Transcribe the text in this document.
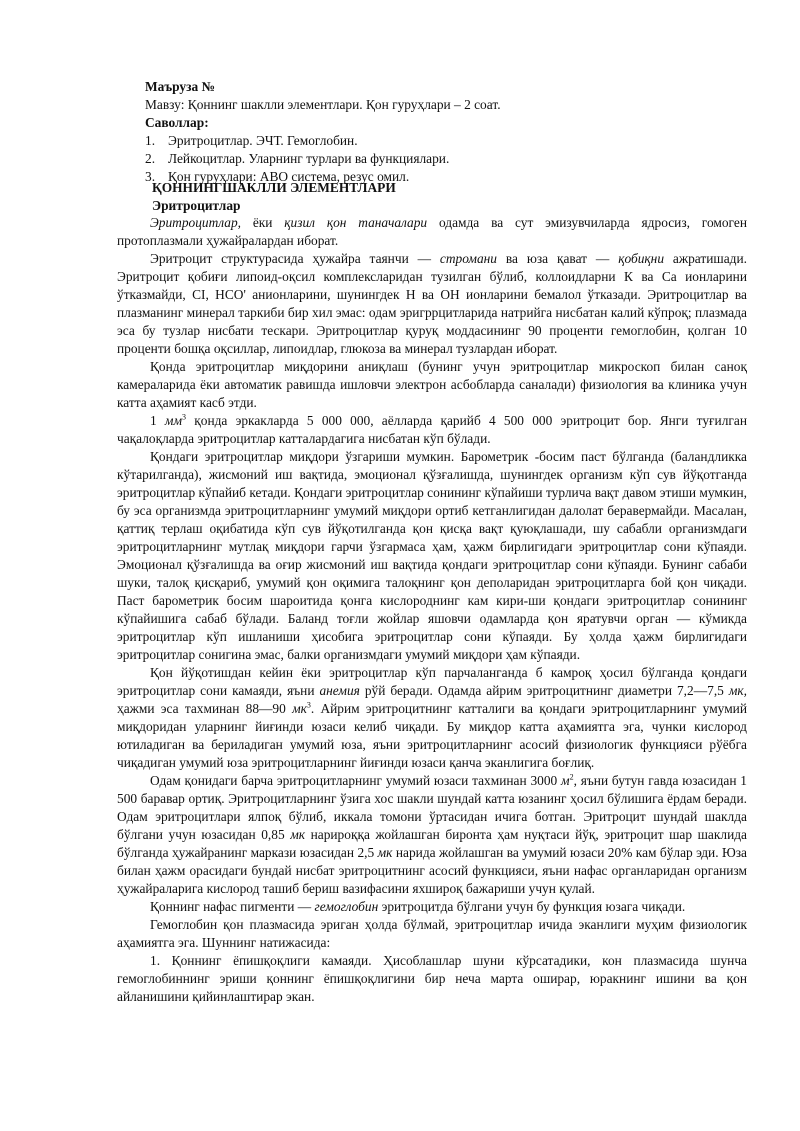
Маъруза №
Мавзу: Қоннинг шаклли элементлари. Қон гуруҳлари – 2 соат.
Саволлар:
1. Эритроцитлар. ЭЧТ. Гемоглобин.
2. Лейкоцитлар. Уларнинг турлари ва функциялари.
3. Қон гуруҳлари: АВО система, резус омил.
ҚОННИНГШАКЛЛИ ЭЛЕМЕНТЛАРИ
Эритроцитлар

Эритроцитлар, ёки қизил қон таначалари одамда ва сут эмизувчиларда ядросиз, гомоген протоплазмали ҳужайралардан иборат.

Эритроцит структурасида ҳужайра таянчи — стромани ва юза қават — қобиқни ажратишади. Эритроцит қобиғи липоид-оқсил комплексларидан тузилган бўлиб, коллоидларни К ва Са ионларини ўтказмайди, CI, НСО' анионларини, шунингдек Н ва ОН ионларини бемалол ўтказади. Эритроцитлар ва плазманинг минерал таркиби бир хил эмас: одам эригррцитларида натрийга нисбатан калий кўпроқ; плазмада эса бу тузлар нисбати тескари. Эритроцитлар қуруқ моддасининг 90 проценти гемоглобин, қолган 10 проценти бошқа оқсиллар, липоидлар, глюкоза ва минерал тузлардан иборат.

Қонда эритроцитлар миқдорини аниқлаш (бунинг учун эритроцитлар микроскоп билан саноқ камераларида ёки автоматик равишда ишловчи электрон асбобларда саналади) физиология ва клиника учун катта аҳамият касб этди.

1 $мм^3$ қонда эркакларда 5 000 000, аёлларда қарийб 4 500 000 эритроцит бор. Янги туғилган чақалоқларда эритроцитлар катталардагига нисбатан кўп бўлади.

Қондаги эритроцитлар миқдори ўзгариши мумкин. Барометрик -босим паст бўлганда (баландликка кўтарилганда), жисмоний иш вақтида, эмоционал қўзғалишда, шунингдек организм кўп сув йўқотганда эритроцитлар кўпайиб кетади. Қондаги эритроцитлар сонининг кўпайиши турлича вақт давом этиши мумкин, бу эса организмда эритроцитларнинг умумий миқдори ортиб кетганлигидан далолат беравермайди. Масалан, қаттиқ терлаш оқибатида кўп сув йўқотилганда қон қисқа вақт қуюқлашади, шу сабабли организмдаги эритроцитларнинг мутлақ миқдори гарчи ўзгармаса ҳам, ҳажм бирлигидаги эритроцитлар сони кўпаяди. Эмоционал қўзғалишда ва оғир жисмоний иш вақтида қондаги эритроцитлар сони кўпаяди. Бунинг сабаби шуки, талоқ қисқариб, умумий қон оқимига талоқнинг қон деполаридан эритроцитларга бой қон чиқади. Паст барометрик босим шароитида қонга кислороднинг кам кири-ши қондаги эритроцитлар сонининг кўпайишига сабаб бўлади. Баланд тоғли жойлар яшовчи одамларда қон яратувчи орган — кўмикда эритроцитлар кўп ишланиши ҳисобига эритроцитлар сони кўпаяди. Бу ҳолда ҳажм бирлигидаги эритроцитлар сонигина эмас, балки организмдаги умумий миқдори ҳам кўпаяди.

Қон йўқотишдан кейин ёки эритроцитлар кўп парчаланганда б камроқ ҳосил бўлганда қондаги эритроцитлар сони камаяди, яъни анемия рўй беради. Одамда айрим эритроцитнинг диаметри 7,2—7,5 мк, ҳажми эса тахминан 88—90 $мк^3$. Айрим эритроцитнинг катталиги ва қондаги эритроцитларнинг умумий миқдоридан уларнинг йиғинди юзаси келиб чиқади. Бу миқдор катта аҳамиятга эга, чунки кислород ютиладиган ва бериладиган умумий юза, яъни эритроцитларнинг асосий физиологик функцияси рўёбга чиқадиган умумий юза эритроцитларнинг йиғинди юзаси қанча экaнлигига боғлиқ.

Одам қонидаги барча эритроцитларнинг умумий юзаси тахминан 3000 $м^2$, яъни бутун гавда юзасидан 1 500 баравар ортиқ. Эритроцитларнинг ўзига хос шакли шундай катта юзанинг ҳосил бўлишига ёрдам беради. Одам эритроцитлари ялпоқ бўлиб, иккала томони ўртасидан ичига ботган. Эритроцит шундай шаклда бўлгани учун юзасидан 0,85 мк нарироққа жойлашган биронта ҳам нуқтаси йўқ, эритроцит шар шаклида бўлганда ҳужайранинг маркази юзасидан 2,5 мк нарида жойлашган ва умумий юзаси 20% кам бўлар эди. Юза билан ҳажм орасидаги бундай нисбат эритроцитнинг асосий функцияси, яъни нафас органларидан организм ҳужайраларига кислород ташиб бериш вазифасини яхшироқ бажариши учун қулай.

Қоннинг нафас пигменти — гемоглобин эритроцитда бўлгани учун бу функция юзага чиқади.

Гемоглобин қон плазмасида эриган ҳолда бўлмай, эритроцитлар ичида эканлиги муҳим физиологик аҳамиятга эга. Шуннинг натижасида:

1. Қоннинг ёпишқоқлиги камаяди. Ҳисоблашлар шуни кўрсатадики, кон плазмасида шунча гемоглобиннинг эриши қоннинг ёпишқоқлигини бир неча марта оширар, юракнинг ишини ва қон айланишини қийинлаштирар экан.
